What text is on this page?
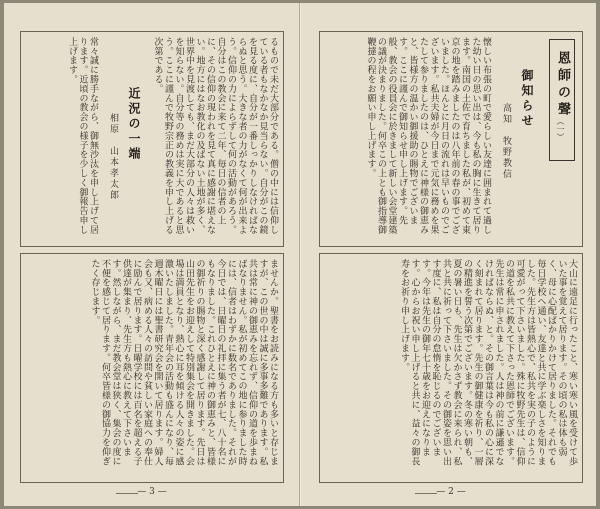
るもので未だ大部分である。僧の中には信仰している者もなかなか見当らない。自分がこの鏡を見る度に、自分が一番しっかりしなければならぬと思う。大きな者の力がなくて何が出来よう。信仰の力によらずして何の活動があろう。自分はこの教会に来て二年、毎日の信者の上に、その信仰の現われを見て真に感謝に堪えない。地方にはなお教化の及ばない土地が多く、世界中を見渡しても、まだ大部分の人々は救いを知らない。自分等の務めは実に大であると思う。ここに謹んで牧野宗正の教義を申し上げる次第である。
近況の一端
相原　山本孝太郎
常々誠に勝手ながら、御無沙汰を申し上げて居ります。近頃の教会の様子を少しく御報告申し上げます。
ませんか。聖書をお読みになる方も多いと存じますが、この世の中は誠に多事多難であります。私共は常に神の御恵みを忘れず、信仰の道を歩まねばなりません。私が初めてこの地に参りました時には、信者はわずかに数名でありました。それが今日では、日曜日の礼拝に集う者が七、八十名にもなりました。これひとえに神の御恵みと、皆様の御祈りの賜物と深く感謝して居ります。先日は山田先生をお迎えして特別集会を開きました。会場は満員となり、熱心に耳を傾ける人々の姿に感激いたしました。青年会の活動も盛んになり、毎週木曜日には聖書研究会を開いて居ります。婦人会も又、病める人々の訪問や貧しい家庭への奉仕に励んで居ります。日曜学校には百名を超える子供達が集まり、先生方も熱心に教えて下さいます。然しながら、まだ教会堂は狭く、集会の度に不便を感じて居ります。何卒皆様の御協力を仰ぎたく存じます。
— 3 —
恩師の聲
（一）
御知らせ
高知　牧野教信
懐しい布張の町で愛らしい友達に囲まれて過した幼い日の思い出は、今も私の胸に生きて居ります。南国の土佐で育ちました私が、初めて東京の地を踏みましたのは八年前の春の事でございました。ほんとに月日の流れは早いものでございます。私共夫婦が今日まで元気に務めを果たして参りましたのは、ひとえに神様の御恵みと、皆様方の温かい御援助の賜物でございます。ここに謹んで御知らせ申し上げます。先般、教会の役員会に於きまして新しい会堂建築の議が決まりました。何卒この上とも御指導御鞭撻の程をお願い申し上げます。
大山に遠足に行ったこと、寒い寒い風を受けて歩いた事を覚えて居ります。その頃の私は体も弱く、母に心配ばかりかけて居りました。それでも毎日学校へ通い、友達と共に学ぶ楽しさを知りました。先生方は皆熱心で、私共を実の子のように可愛がって下さいました。殊に牧野先生は、信仰の道を私共に教えて下さった恩師でございます。先生は常に申されました。人は神の前に謙遜でなければならぬ、と。その御言葉は今も私の心に深く刻まれて居ります。先生の御健康を祈り、一層の精進を誓う次第でございます。冬の寒い朝も、夏の暑い日も、先生は欠かさず教会に来られ、私共と共に祈って下さいました。その御姿を思い出す度に、私は自分の怠惰を恥じるのでございます。今年は先生の御年七十歳をお迎えになります。心からお祝い申し上げると共に、益々の御長寿をお祈り申し上げます。
— 2 —
